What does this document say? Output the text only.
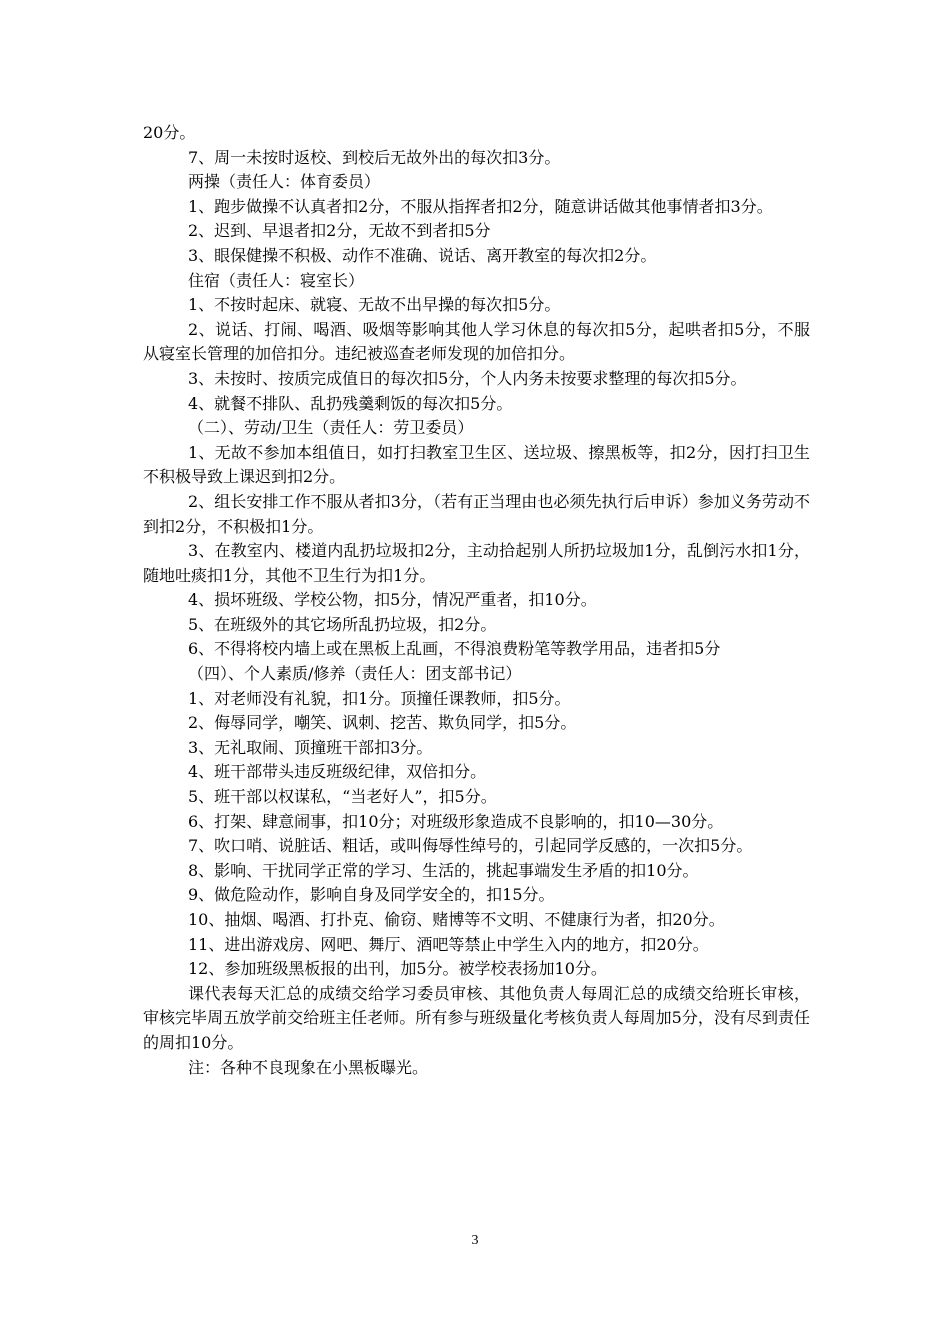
20分。

7、周一未按时返校、到校后无故外出的每次扣3分。

两操（责任人：体育委员）

1、跑步做操不认真者扣2分，不服从指挥者扣2分，随意讲话做其他事情者扣3分。

2、迟到、早退者扣2分，无故不到者扣5分

3、眼保健操不积极、动作不准确、说话、离开教室的每次扣2分。

住宿（责任人：寝室长）

1、不按时起床、就寝、无故不出早操的每次扣5分。

2、说话、打闹、喝酒、吸烟等影响其他人学习休息的每次扣5分，起哄者扣5分，不服从寝室长管理的加倍扣分。违纪被巡查老师发现的加倍扣分。

3、未按时、按质完成值日的每次扣5分，个人内务未按要求整理的每次扣5分。

4、就餐不排队、乱扔残羹剩饭的每次扣5分。

（二）、劳动/卫生（责任人：劳卫委员）

1、无故不参加本组值日，如打扫教室卫生区、送垃圾、擦黑板等，扣2分，因打扫卫生不积极导致上课迟到扣2分。

2、组长安排工作不服从者扣3分，（若有正当理由也必须先执行后申诉）参加义务劳动不到扣2分，不积极扣1分。

3、在教室内、楼道内乱扔垃圾扣2分，主动拾起别人所扔垃圾加1分，乱倒污水扣1分，随地吐痰扣1分，其他不卫生行为扣1分。

4、损坏班级、学校公物，扣5分，情况严重者，扣10分。

5、在班级外的其它场所乱扔垃圾，扣2分。

6、不得将校内墙上或在黑板上乱画，不得浪费粉笔等教学用品，违者扣5分

（四）、个人素质/修养（责任人：团支部书记）

1、对老师没有礼貌，扣1分。顶撞任课教师，扣5分。

2、侮辱同学，嘲笑、讽刺、挖苦、欺负同学，扣5分。

3、无礼取闹、顶撞班干部扣3分。

4、班干部带头违反班级纪律，双倍扣分。

5、班干部以权谋私，“当老好人”，扣5分。

6、打架、肆意闹事，扣10分；对班级形象造成不良影响的，扣10—30分。

7、吹口哨、说脏话、粗话，或叫侮辱性绰号的，引起同学反感的，一次扣5分。

8、影响、干扰同学正常的学习、生活的，挑起事端发生矛盾的扣10分。

9、做危险动作，影响自身及同学安全的，扣15分。

10、抽烟、喝酒、打扑克、偷窃、赌博等不文明、不健康行为者，扣20分。

11、进出游戏房、网吧、舞厅、酒吧等禁止中学生入内的地方，扣20分。

12、参加班级黑板报的出刊，加5分。被学校表扬加10分。

课代表每天汇总的成绩交给学习委员审核、其他负责人每周汇总的成绩交给班长审核，审核完毕周五放学前交给班主任老师。所有参与班级量化考核负责人每周加5分，没有尽到责任的周扣10分。

注：各种不良现象在小黑板曝光。

3
